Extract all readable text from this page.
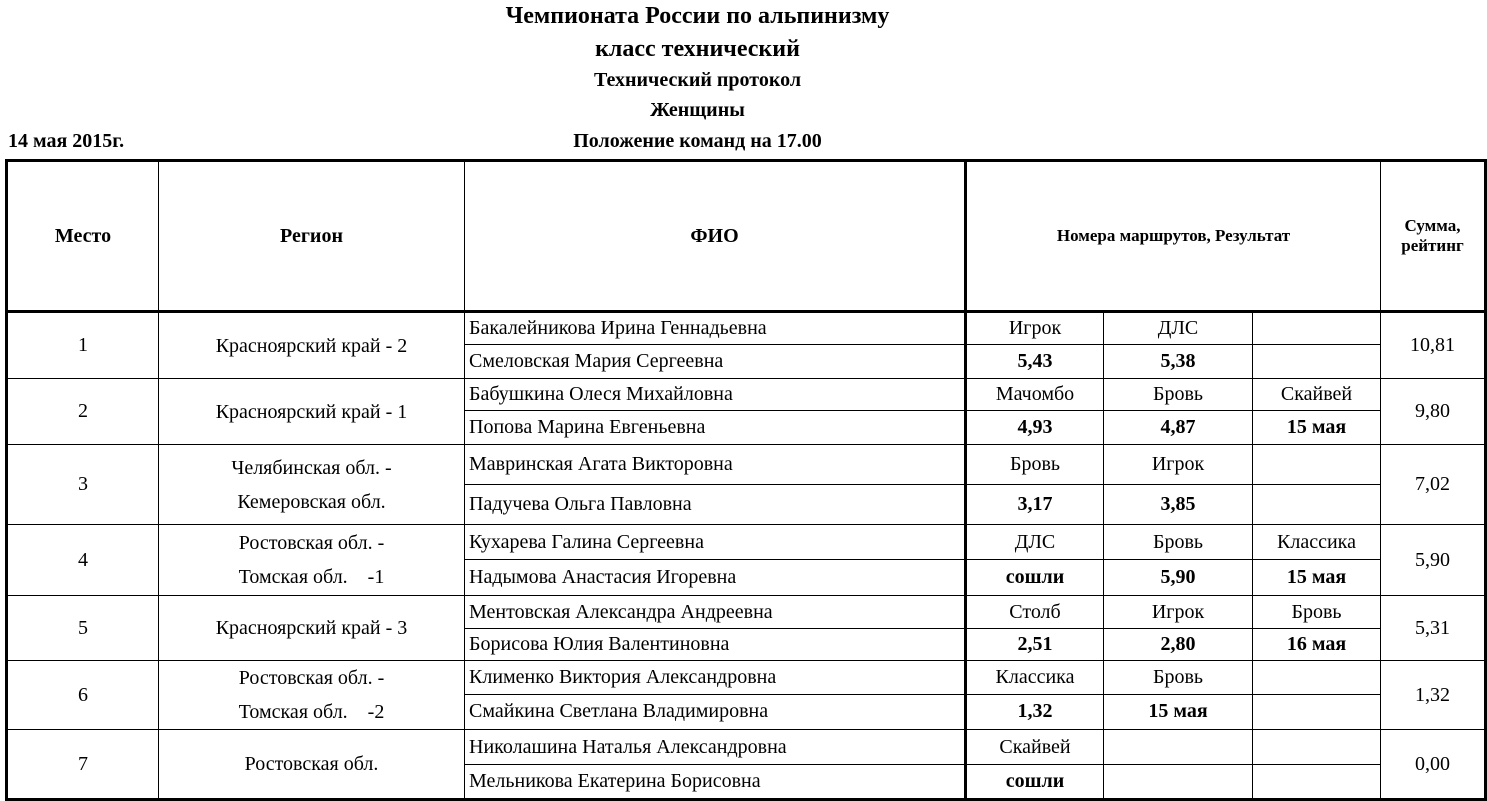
Чемпионата России по альпинизму
класс технический
Технический протокол
Женщины
Положение команд на 17.00
14 мая 2015г.
Место	Регион	ФИО	Номера маршрутов, Результат			Сумма,
рейтинг

1	Красноярский край - 2	Бакалейникова Ирина Геннадьевна	Игрок	ДЛС		10,81
		Смеловская Мария Сергеевна	5,43	5,38		
2	Красноярский край - 1	Бабушкина Олеся Михайловна	Мачомбо	Бровь	Скайвей	9,80
		Попова Марина Евгеньевна	4,93	4,87	15 мая	
3	Челябинская обл. -
Кемеровская обл.	Мавринская Агата Викторовна	Бровь	Игрок		7,02
		Падучева Ольга Павловна	3,17	3,85		
4	Ростовская обл. -
Томская обл.    -1	Кухарева Галина Сергеевна	ДЛС	Бровь	Классика	5,90
		Надымова Анастасия Игоревна	сошли	5,90	15 мая	
5	Красноярский край - 3	Ментовская Александра Андреевна	Столб	Игрок	Бровь	5,31
		Борисова Юлия Валентиновна	2,51	2,80	16 мая	
6	Ростовская обл. -
Томская обл.    -2	Клименко Виктория Александровна	Классика	Бровь		1,32
		Смайкина Светлана Владимировна	1,32	15 мая		
7	Ростовская обл.	Николашина Наталья Александровна	Скайвей			0,00
		Мельникова Екатерина Борисовна	сошли			
